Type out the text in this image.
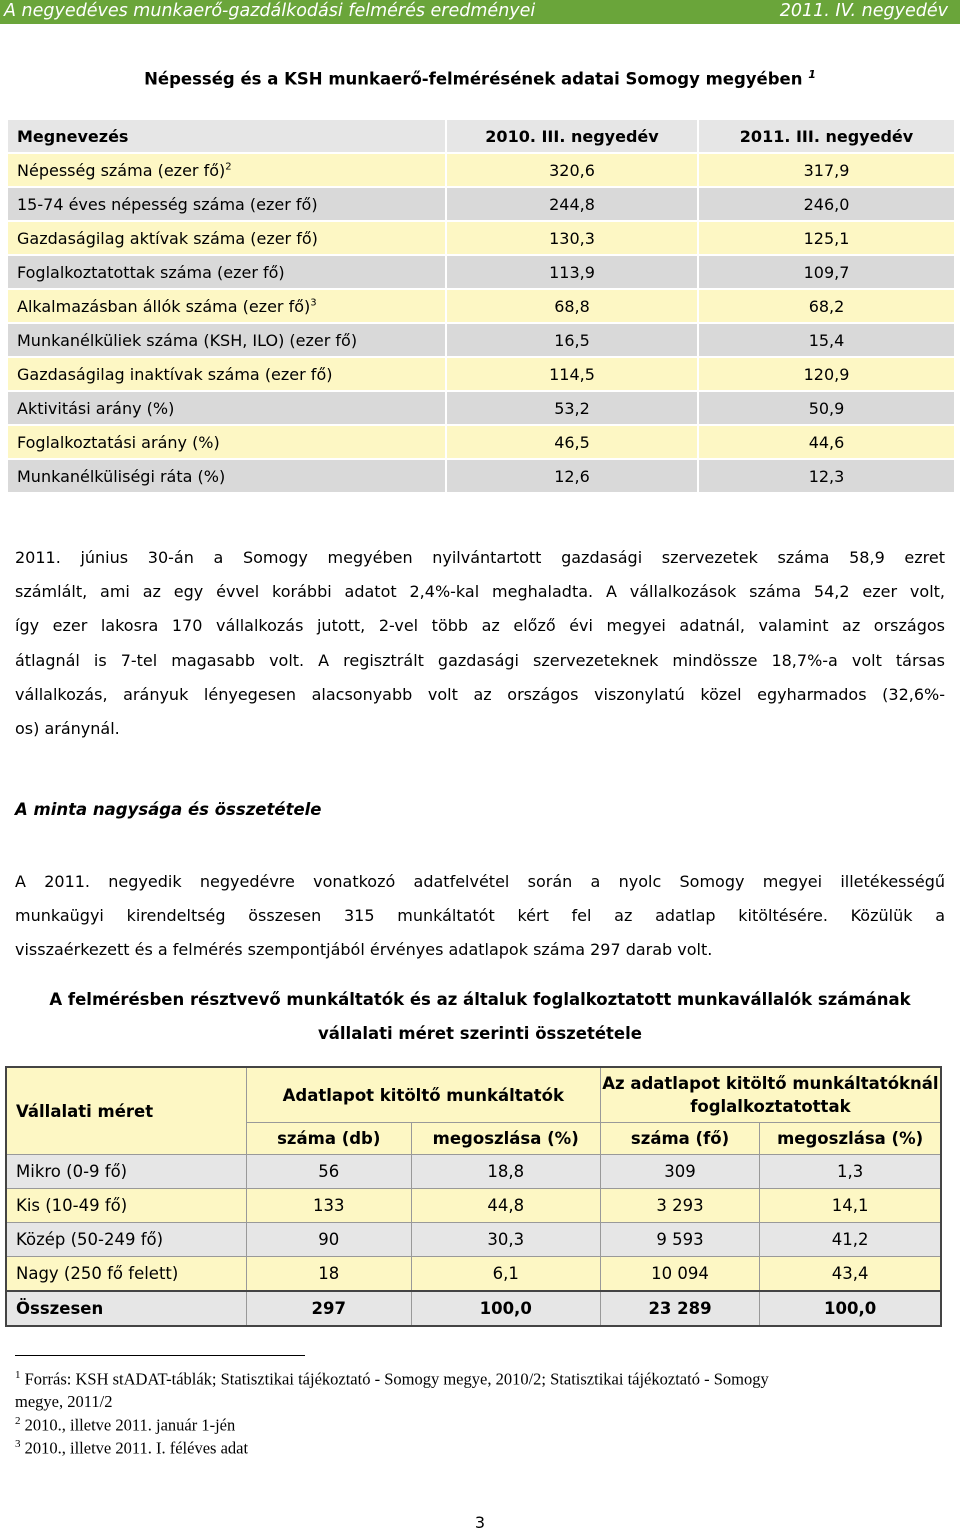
A negyedéves munkaerő-gazdálkodási felmérés eredményei	2011. IV. negyedév
Népesség és a KSH munkaerő-felmérésének adatai Somogy megyében $^1$
Megnevezés	2010. III. negyedév	2011. III. negyedév
Népesség száma (ezer fő)$^2$	320,6	317,9
15-74 éves népesség száma (ezer fő)	244,8	246,0
Gazdaságilag aktívak száma (ezer fő)	130,3	125,1
Foglalkoztatottak száma (ezer fő)	113,9	109,7
Alkalmazásban állók száma (ezer fő)$^3$	68,8	68,2
Munkanélküliek száma (KSH, ILO) (ezer fő)	16,5	15,4
Gazdaságilag inaktívak száma (ezer fő)	114,5	120,9
Aktivitási arány (%)	53,2	50,9
Foglalkoztatási arány (%)	46,5	44,6
Munkanélküliségi ráta (%)	12,6	12,3
2011. június 30-án a Somogy megyében nyilvántartott gazdasági szervezetek száma 58,9 ezret
számlált, ami az egy évvel korábbi adatot 2,4%-kal meghaladta. A vállalkozások száma 54,2 ezer volt,
így ezer lakosra 170 vállalkozás jutott, 2-vel több az előző évi megyei adatnál, valamint az országos
átlagnál is 7-tel magasabb volt. A regisztrált gazdasági szervezeteknek mindössze 18,7%-a volt társas
vállalkozás, arányuk lényegesen alacsonyabb volt az országos viszonylatú közel egyharmados (32,6%-
os) aránynál.
A minta nagysága és összetétele
A 2011. negyedik negyedévre vonatkozó adatfelvétel során a nyolc Somogy megyei illetékességű
munkaügyi kirendeltség összesen 315 munkáltatót kért fel az adatlap kitöltésére. Közülük a
visszaérkezett és a felmérés szempontjából érvényes adatlapok száma 297 darab volt.
A felmérésben résztvevő munkáltatók és az általuk foglalkoztatott munkavállalók számának
vállalati méret szerinti összetétele
Vállalati méret	Adatlapot kitöltő munkáltatók		Az adatlapot kitöltő munkáltatóknál foglalkoztatottak	
	száma (db)	megoszlása (%)	száma (fő)	megoszlása (%)
Mikro (0-9 fő)	56	18,8	309	1,3
Kis (10-49 fő)	133	44,8	3 293	14,1
Közép (50-249 fő)	90	30,3	9 593	41,2
Nagy (250 fő felett)	18	6,1	10 094	43,4
Összesen	297	100,0	23 289	100,0
$^1$ Forrás: KSH stADAT-táblák; Statisztikai tájékoztató - Somogy megye, 2010/2; Statisztikai tájékoztató - Somogy
megye, 2011/2
$^2$ 2010., illetve 2011. január 1-jén
$^3$ 2010., illetve 2011. I. féléves adat
3
